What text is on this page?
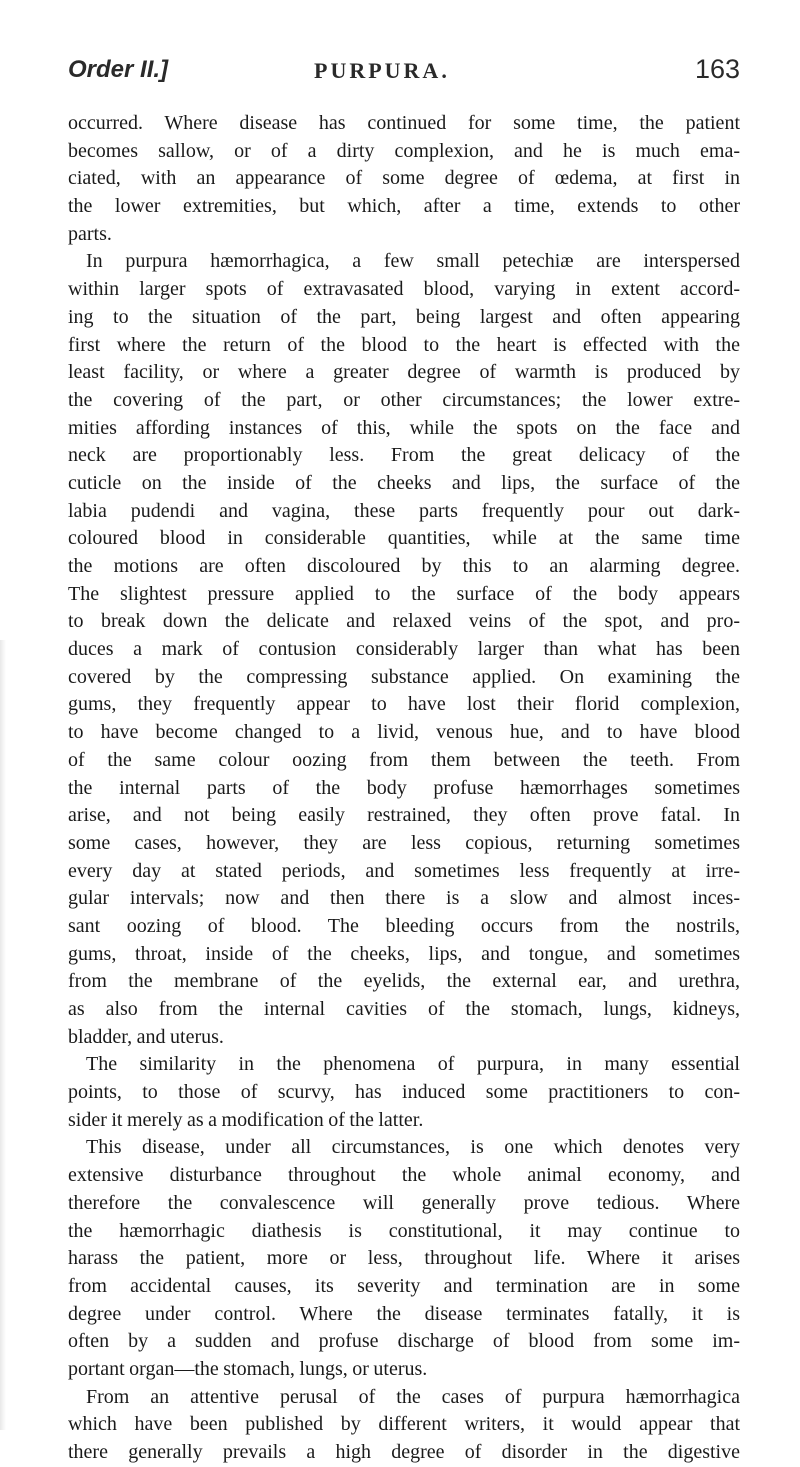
Order II.]	PURPURA.	163
occurred. Where disease has continued for some time, the patient
becomes sallow, or of a dirty complexion, and he is much ema-
ciated, with an appearance of some degree of œdema, at first in
the lower extremities, but which, after a time, extends to other
parts.
In purpura hæmorrhagica, a few small petechiæ are interspersed
within larger spots of extravasated blood, varying in extent accord-
ing to the situation of the part, being largest and often appearing
first where the return of the blood to the heart is effected with the
least facility, or where a greater degree of warmth is produced by
the covering of the part, or other circumstances; the lower extre-
mities affording instances of this, while the spots on the face and
neck are proportionably less. From the great delicacy of the
cuticle on the inside of the cheeks and lips, the surface of the
labia pudendi and vagina, these parts frequently pour out dark-
coloured blood in considerable quantities, while at the same time
the motions are often discoloured by this to an alarming degree.
The slightest pressure applied to the surface of the body appears
to break down the delicate and relaxed veins of the spot, and pro-
duces a mark of contusion considerably larger than what has been
covered by the compressing substance applied. On examining the
gums, they frequently appear to have lost their florid complexion,
to have become changed to a livid, venous hue, and to have blood
of the same colour oozing from them between the teeth. From
the internal parts of the body profuse hæmorrhages sometimes
arise, and not being easily restrained, they often prove fatal. In
some cases, however, they are less copious, returning sometimes
every day at stated periods, and sometimes less frequently at irre-
gular intervals; now and then there is a slow and almost inces-
sant oozing of blood. The bleeding occurs from the nostrils,
gums, throat, inside of the cheeks, lips, and tongue, and sometimes
from the membrane of the eyelids, the external ear, and urethra,
as also from the internal cavities of the stomach, lungs, kidneys,
bladder, and uterus.
The similarity in the phenomena of purpura, in many essential
points, to those of scurvy, has induced some practitioners to con-
sider it merely as a modification of the latter.
This disease, under all circumstances, is one which denotes very
extensive disturbance throughout the whole animal economy, and
therefore the convalescence will generally prove tedious. Where
the hæmorrhagic diathesis is constitutional, it may continue to
harass the patient, more or less, throughout life. Where it arises
from accidental causes, its severity and termination are in some
degree under control. Where the disease terminates fatally, it is
often by a sudden and profuse discharge of blood from some im-
portant organ—the stomach, lungs, or uterus.
From an attentive perusal of the cases of purpura hæmorrhagica
which have been published by different writers, it would appear that
there generally prevails a high degree of disorder in the digestive
